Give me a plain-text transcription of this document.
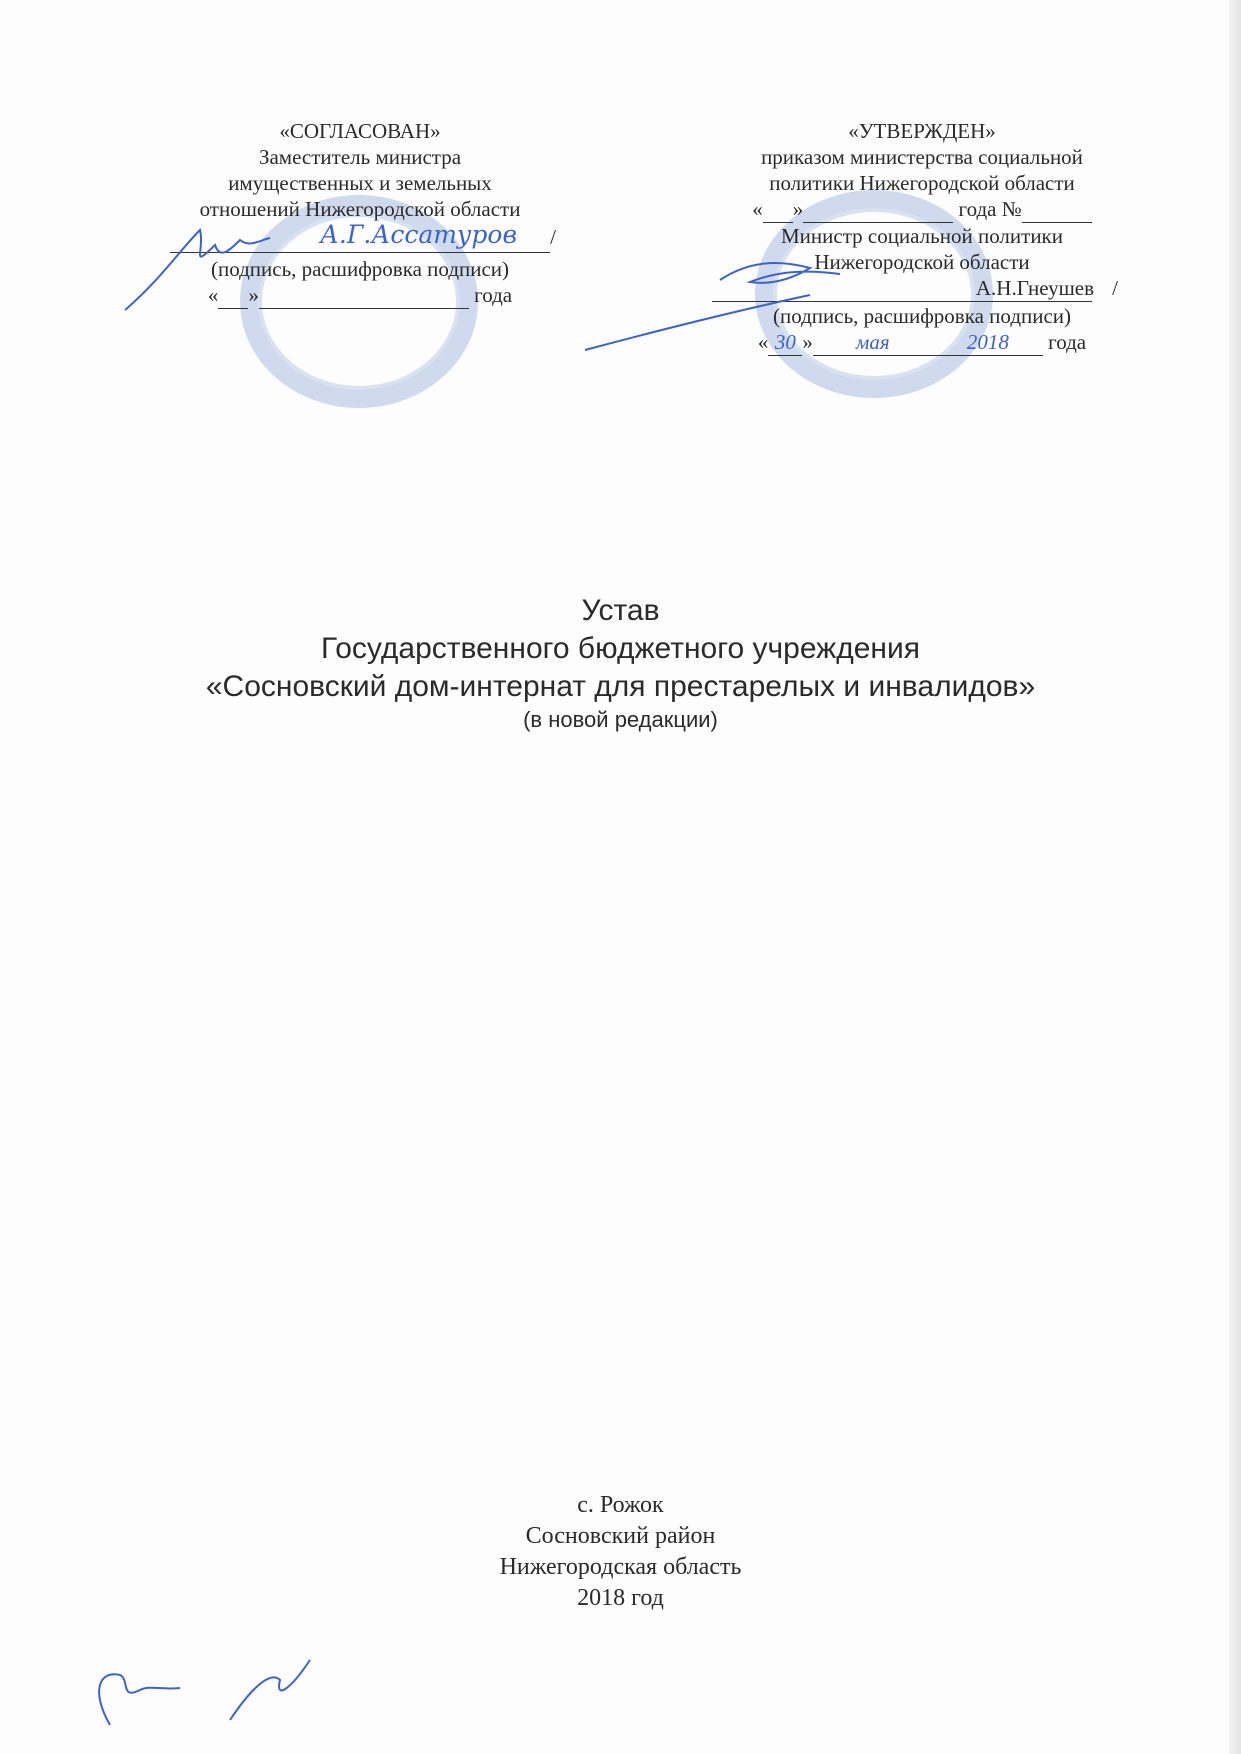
«СОГЛАСОВАН»
Заместитель министра
имущественных и земельных
отношений Нижегородской области
/
А.Г.Ассатуров
(подпись, расшифровка подписи)
« »	года
«УТВЕРЖДЕН»
приказом министерства социальной
политики Нижегородской области
« »	года №
Министр социальной политики
Нижегородской области
А.Н.Гнеушев /
(подпись, расшифровка подписи)
« 30 » мая	2018 года
Устав
Государственного бюджетного учреждения
«Сосновский дом-интернат для престарелых и инвалидов»
(в новой редакции)
с. Рожок
Сосновский район
Нижегородская область
2018 год
